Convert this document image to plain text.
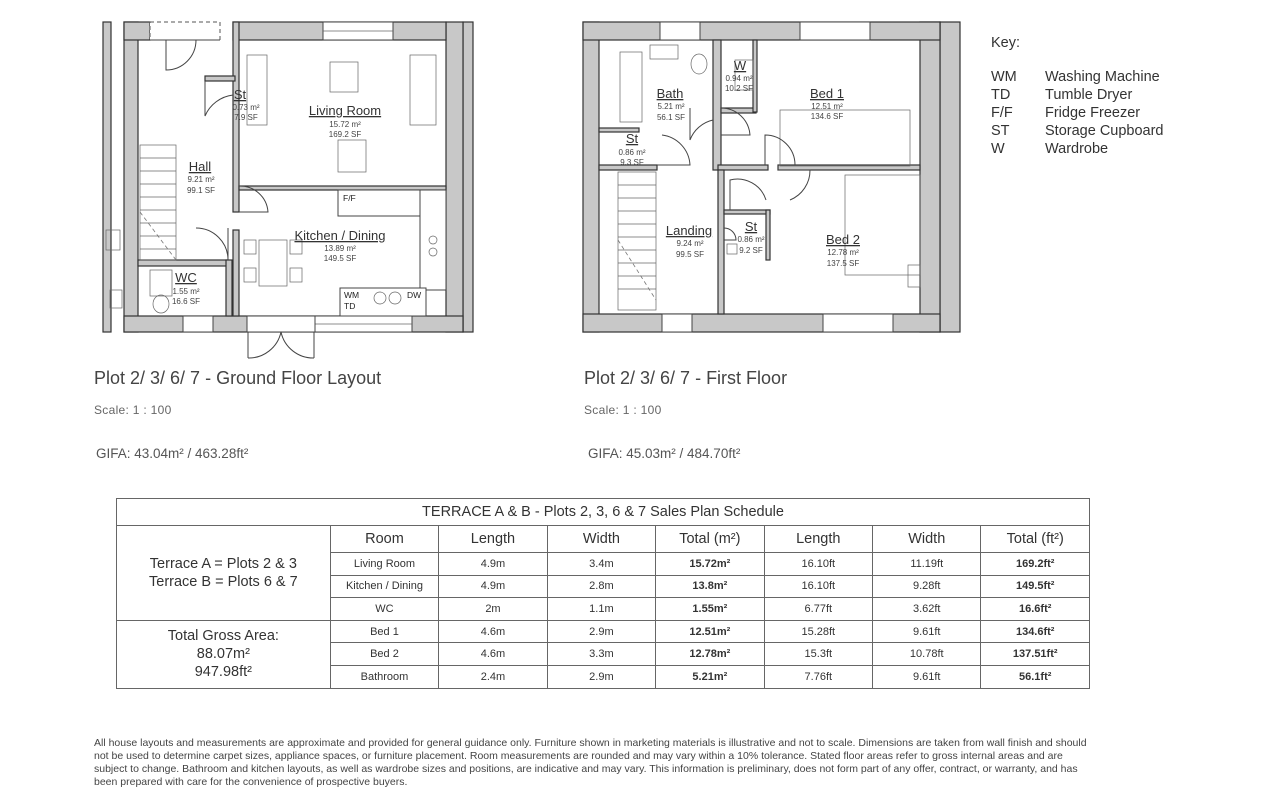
St
0.73 m²
7.9 SF	Living Room
15.72 m²
169.2 SF
Hall
9.21 m²
99.1 SF
Kitchen / Dining
13.89 m²
149.5 SF
WC
1.55 m²
16.6 SF
F/F
WM
TD
DW
Bath
5.21 m²
56.1 SF
W
0.94 m²
10.2 SF	Bed 1
12.51 m²
134.6 SF
St
0.86 m²
9.3 SF
Landing
9.24 m²
99.5 SF
St
0.86 m²
9.2 SF
Bed 2
12.78 m²
137.5 SF
Plot 2/ 3/ 6/ 7 - Ground Floor Layout
Scale: 1 : 100
GIFA: 43.04m² / 463.28ft²
Plot 2/ 3/ 6/ 7 - First Floor
Scale: 1 : 100
GIFA: 45.03m² / 484.70ft²
Key:
WM	Washing Machine
TD	Tumble Dryer
F/F	Fridge Freezer
ST	Storage Cupboard
W	Wardrobe
TERRACE A & B - Plots 2, 3, 6 & 7 Sales Plan Schedule							

Terrace A = Plots 2 & 3
Terrace B = Plots 6 & 7	Room	Length	Width	Total (m²)	Length	Width	Total (ft²)
	Living Room	4.9m	3.4m	15.72m²	16.10ft	11.19ft	169.2ft²
	Kitchen / Dining	4.9m	2.8m	13.8m²	16.10ft	9.28ft	149.5ft²
	WC	2m	1.1m	1.55m²	6.77ft	3.62ft	16.6ft²

Total Gross Area:
88.07m²
947.98ft²	Bed 1	4.6m	2.9m	12.51m²	15.28ft	9.61ft	134.6ft²
	Bed 2	4.6m	3.3m	12.78m²	15.3ft	10.78ft	137.51ft²
	Bathroom	2.4m	2.9m	5.21m²	7.76ft	9.61ft	56.1ft²
All house layouts and measurements are approximate and provided for general guidance only. Furniture shown in marketing materials is illustrative and not to scale. Dimensions are taken from wall finish and should not be used to determine carpet sizes, appliance spaces, or furniture placement. Room measurements are rounded and may vary within a 10% tolerance. Stated floor areas refer to gross internal areas and are subject to change. Bathroom and kitchen layouts, as well as wardrobe sizes and positions, are indicative and may vary. This information is preliminary, does not form part of any offer, contract, or warranty, and has been prepared with care for the convenience of prospective buyers.
